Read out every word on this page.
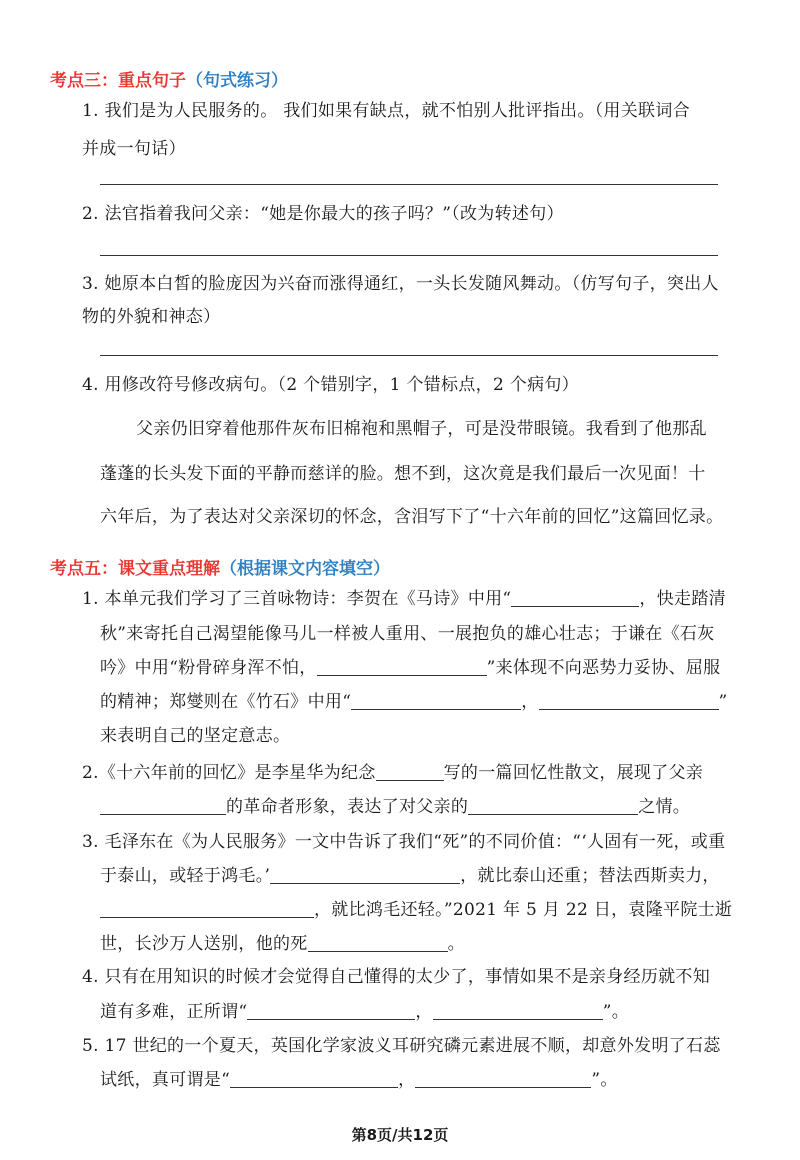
考点三：重点句子（句式练习）
1. 我们是为人民服务的。 我们如果有缺点，就不怕别人批评指出。（用关联词合
并成一句话）
2. 法官指着我问父亲：“她是你最大的孩子吗？”（改为转述句）
3. 她原本白皙的脸庞因为兴奋而涨得通红，一头长发随风舞动。（仿写句子，突出人
物的外貌和神态）
4. 用修改符号修改病句。（2 个错别字，1 个错标点，2 个病句）
父亲仍旧穿着他那件灰布旧棉袍和黑帽子，可是没带眼镜。我看到了他那乱
蓬蓬的长头发下面的平静而慈详的脸。想不到，这次竟是我们最后一次见面！十
六年后，为了表达对父亲深切的怀念，含泪写下了“十六年前的回忆”这篇回忆录。
考点五：课文重点理解（根据课文内容填空）
1. 本单元我们学习了三首咏物诗：李贺在《马诗》中用“	，快走踏清
秋”来寄托自己渴望能像马儿一样被人重用、一展抱负的雄心壮志；于谦在《石灰
吟》中用“粉骨碎身浑不怕，	”来体现不向恶势力妥协、屈服
的精神；郑燮则在《竹石》中用“	，	”
来表明自己的坚定意志。
2.《十六年前的回忆》是李星华为纪念	写的一篇回忆性散文，展现了父亲
的革命者形象，表达了对父亲的	之情。
3. 毛泽东在《为人民服务》一文中告诉了我们“死”的不同价值：“‘人固有一死，或重
于泰山，或轻于鸿毛。’	，就比泰山还重；替法西斯卖力，
，就比鸿毛还轻。”2021 年 5 月 22 日，袁隆平院士逝
世，长沙万人送别，他的死	。
4. 只有在用知识的时候才会觉得自己懂得的太少了，事情如果不是亲身经历就不知
道有多难，正所谓“	，	”。
5. 17 世纪的一个夏天，英国化学家波义耳研究磷元素进展不顺，却意外发明了石蕊
试纸，真可谓是“	，	”。
第8页/共12页
